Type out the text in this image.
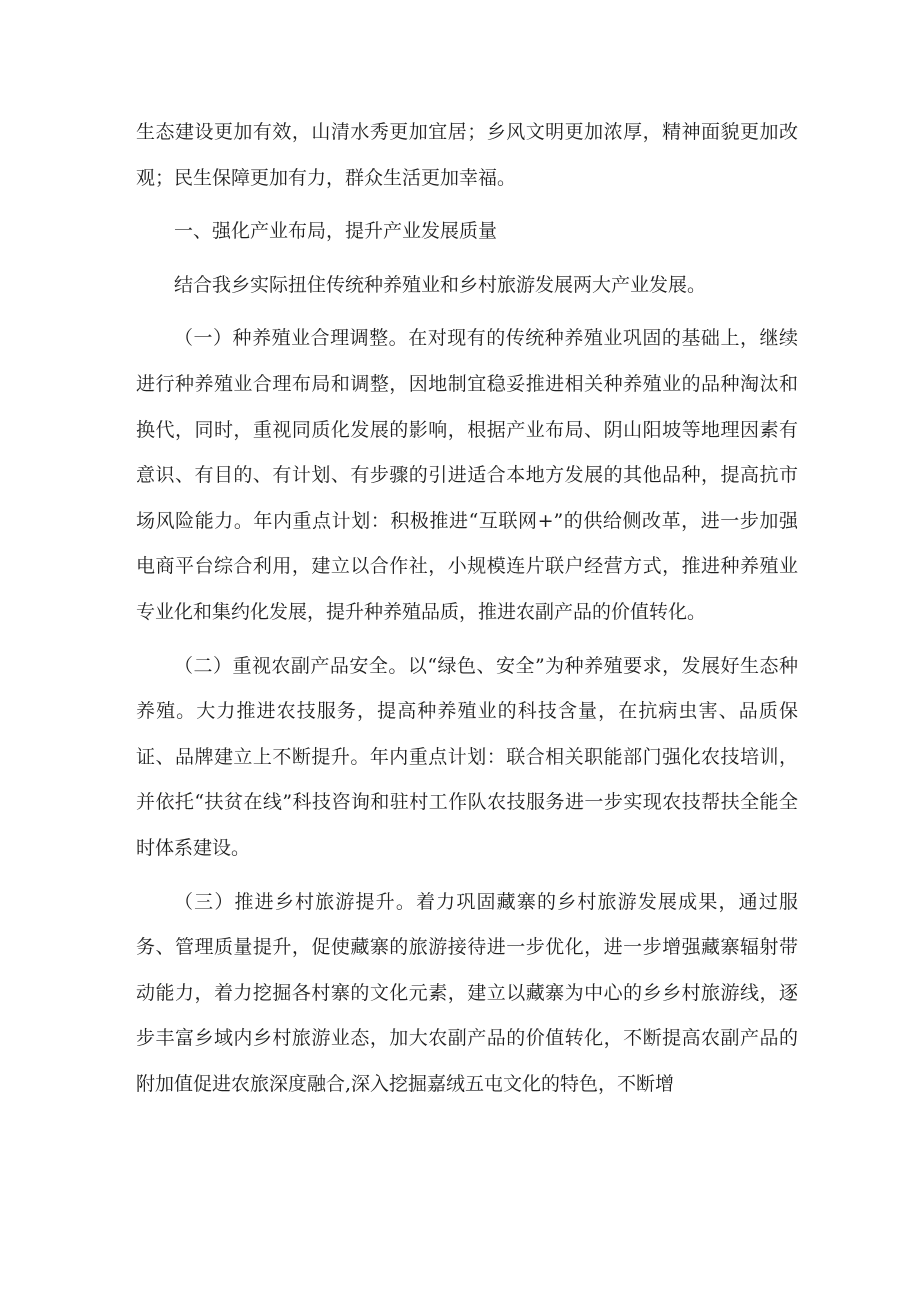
生态建设更加有效，山清水秀更加宜居；乡风文明更加浓厚，精神面貌更加改观；民生保障更加有力，群众生活更加幸福。

一、强化产业布局，提升产业发展质量

结合我乡实际扭住传统种养殖业和乡村旅游发展两大产业发展。

（一）种养殖业合理调整。在对现有的传统种养殖业巩固的基础上，继续进行种养殖业合理布局和调整，因地制宜稳妥推进相关种养殖业的品种淘汰和换代，同时，重视同质化发展的影响，根据产业布局、阴山阳坡等地理因素有意识、有目的、有计划、有步骤的引进适合本地方发展的其他品种，提高抗市场风险能力。年内重点计划：积极推进“互联网+”的供给侧改革，进一步加强电商平台综合利用，建立以合作社，小规模连片联户经营方式，推进种养殖业专业化和集约化发展，提升种养殖品质，推进农副产品的价值转化。

（二）重视农副产品安全。以“绿色、安全”为种养殖要求，发展好生态种养殖。大力推进农技服务，提高种养殖业的科技含量，在抗病虫害、品质保证、品牌建立上不断提升。年内重点计划：联合相关职能部门强化农技培训，并依托“扶贫在线”科技咨询和驻村工作队农技服务进一步实现农技帮扶全能全时体系建设。

（三）推进乡村旅游提升。着力巩固藏寨的乡村旅游发展成果，通过服务、管理质量提升，促使藏寨的旅游接待进一步优化，进一步增强藏寨辐射带动能力，着力挖掘各村寨的文化元素，建立以藏寨为中心的乡乡村旅游线，逐步丰富乡域内乡村旅游业态，加大农副产品的价值转化，不断提高农副产品的附加值促进农旅深度融合,深入挖掘嘉绒五屯文化的特色，不断增
